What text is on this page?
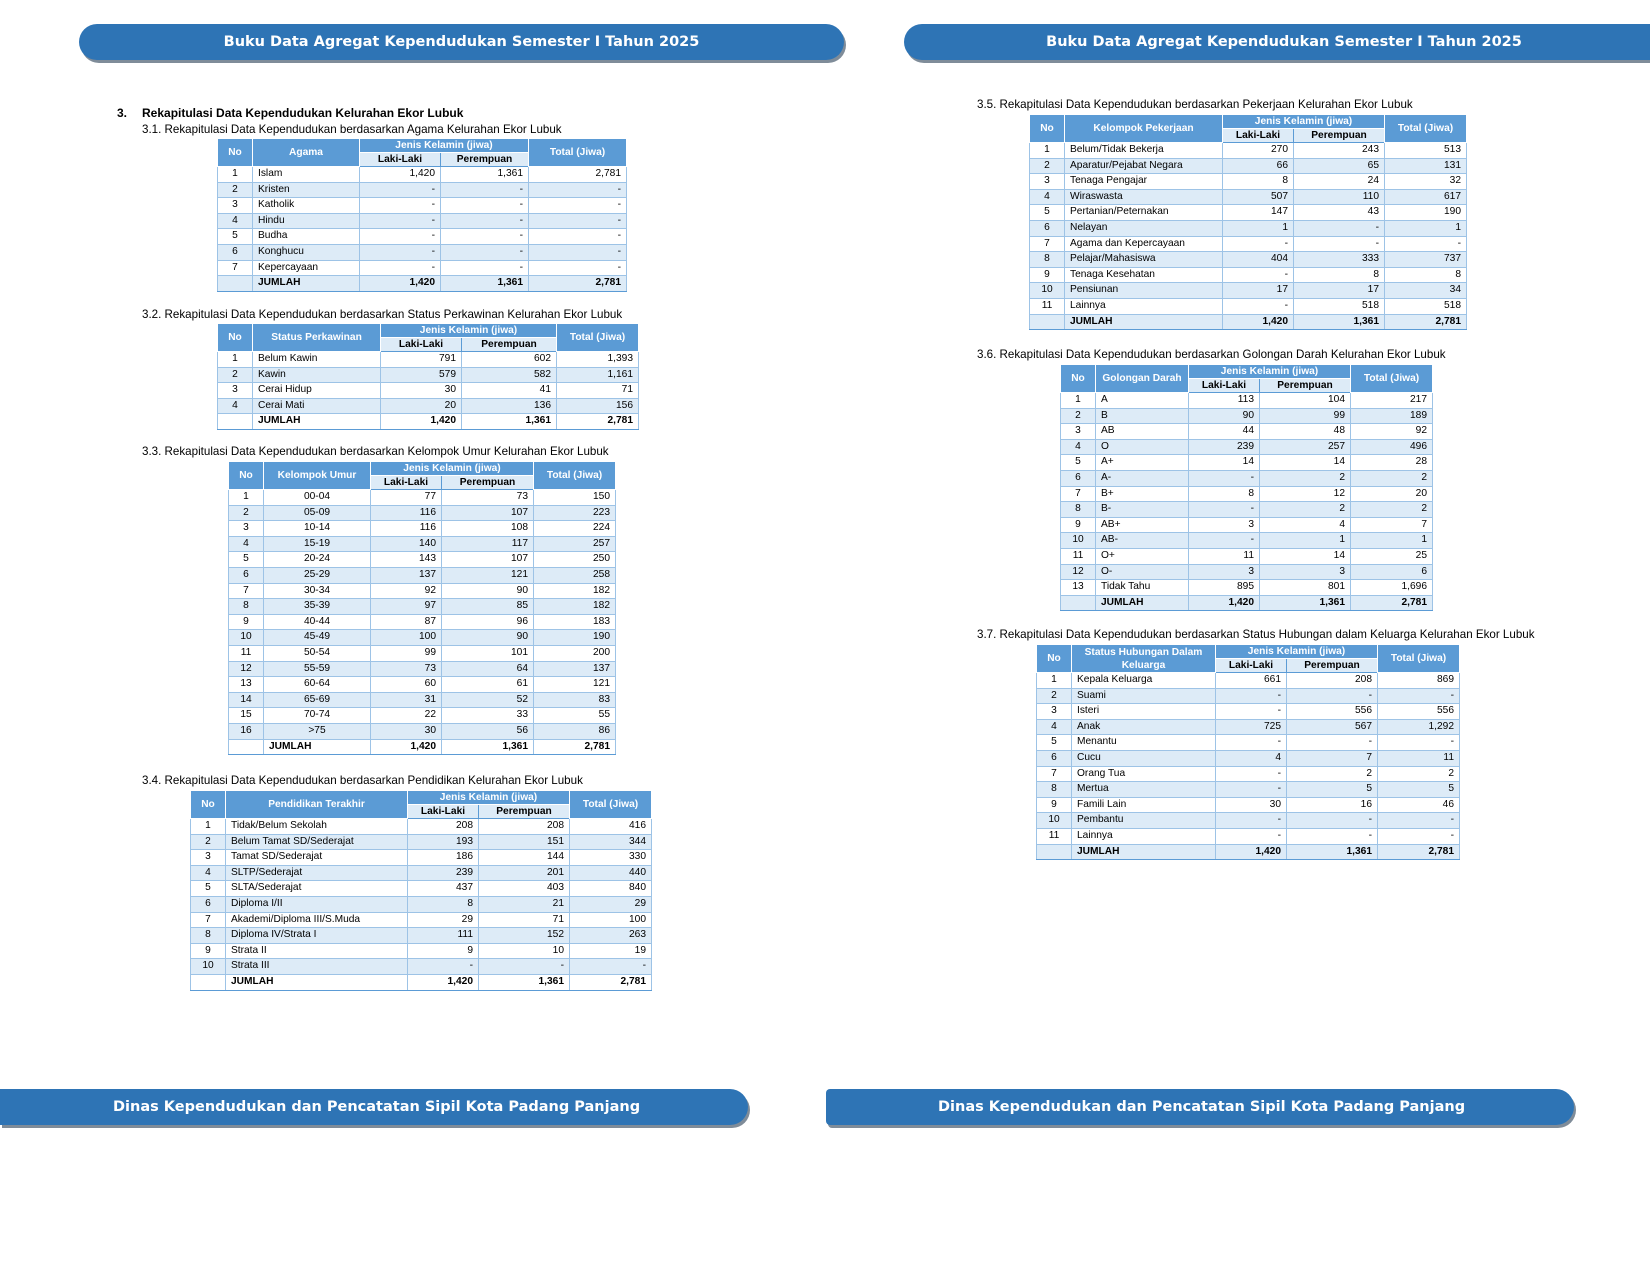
Buku Data Agregat Kependudukan Semester I Tahun 2025	Buku Data Agregat Kependudukan Semester I Tahun 2025
3. Rekapitulasi Data Kependudukan Kelurahan Ekor Lubuk
3.1. Rekapitulasi Data Kependudukan berdasarkan Agama Kelurahan Ekor Lubuk
No	Agama	Jenis Kelamin (jiwa)		Total (Jiwa)
		Laki-Laki	Perempuan	
1	Islam	1,420	1,361	2,781
2	Kristen	-	-	-
3	Katholik	-	-	-
4	Hindu	-	-	-
5	Budha	-	-	-
6	Konghucu	-	-	-
7	Kepercayaan	-	-	-
	JUMLAH	1,420	1,361	2,781
3.2. Rekapitulasi Data Kependudukan berdasarkan Status Perkawinan Kelurahan Ekor Lubuk
No	Status Perkawinan	Jenis Kelamin (jiwa)		Total (Jiwa)
		Laki-Laki	Perempuan	
1	Belum Kawin	791	602	1,393
2	Kawin	579	582	1,161
3	Cerai Hidup	30	41	71
4	Cerai Mati	20	136	156
	JUMLAH	1,420	1,361	2,781
3.3. Rekapitulasi Data Kependudukan berdasarkan Kelompok Umur Kelurahan Ekor Lubuk
No	Kelompok Umur	Jenis Kelamin (jiwa)		Total (Jiwa)
		Laki-Laki	Perempuan	
1	00-04	77	73	150
2	05-09	116	107	223
3	10-14	116	108	224
4	15-19	140	117	257
5	20-24	143	107	250
6	25-29	137	121	258
7	30-34	92	90	182
8	35-39	97	85	182
9	40-44	87	96	183
10	45-49	100	90	190
11	50-54	99	101	200
12	55-59	73	64	137
13	60-64	60	61	121
14	65-69	31	52	83
15	70-74	22	33	55
16	>75	30	56	86
	JUMLAH	1,420	1,361	2,781
3.4. Rekapitulasi Data Kependudukan berdasarkan Pendidikan Kelurahan Ekor Lubuk
No	Pendidikan Terakhir	Jenis Kelamin (jiwa)		Total (Jiwa)
		Laki-Laki	Perempuan	
1	Tidak/Belum Sekolah	208	208	416
2	Belum Tamat SD/Sederajat	193	151	344
3	Tamat SD/Sederajat	186	144	330
4	SLTP/Sederajat	239	201	440
5	SLTA/Sederajat	437	403	840
6	Diploma I/II	8	21	29
7	Akademi/Diploma III/S.Muda	29	71	100
8	Diploma IV/Strata I	111	152	263
9	Strata II	9	10	19
10	Strata III	-	-	-
	JUMLAH	1,420	1,361	2,781
3.5. Rekapitulasi Data Kependudukan berdasarkan Pekerjaan Kelurahan Ekor Lubuk
No	Kelompok Pekerjaan	Jenis Kelamin (jiwa)		Total (Jiwa)
		Laki-Laki	Perempuan	
1	Belum/Tidak Bekerja	270	243	513
2	Aparatur/Pejabat Negara	66	65	131
3	Tenaga Pengajar	8	24	32
4	Wiraswasta	507	110	617
5	Pertanian/Peternakan	147	43	190
6	Nelayan	1	-	1
7	Agama dan Kepercayaan	-	-	-
8	Pelajar/Mahasiswa	404	333	737
9	Tenaga Kesehatan	-	8	8
10	Pensiunan	17	17	34
11	Lainnya	-	518	518
	JUMLAH	1,420	1,361	2,781
3.6. Rekapitulasi Data Kependudukan berdasarkan Golongan Darah Kelurahan Ekor Lubuk
No	Golongan Darah	Jenis Kelamin (jiwa)		Total (Jiwa)
		Laki-Laki	Perempuan	
1	A	113	104	217
2	B	90	99	189
3	AB	44	48	92
4	O	239	257	496
5	A+	14	14	28
6	A-	-	2	2
7	B+	8	12	20
8	B-	-	2	2
9	AB+	3	4	7
10	AB-	-	1	1
11	O+	11	14	25
12	O-	3	3	6
13	Tidak Tahu	895	801	1,696
	JUMLAH	1,420	1,361	2,781
3.7. Rekapitulasi Data Kependudukan berdasarkan Status Hubungan dalam Keluarga Kelurahan Ekor Lubuk
No	Status Hubungan Dalam Keluarga	Jenis Kelamin (jiwa)		Total (Jiwa)
		Laki-Laki	Perempuan	
1	Kepala Keluarga	661	208	869
2	Suami	-	-	-
3	Isteri	-	556	556
4	Anak	725	567	1,292
5	Menantu	-	-	-
6	Cucu	4	7	11
7	Orang Tua	-	2	2
8	Mertua	-	5	5
9	Famili Lain	30	16	46
10	Pembantu	-	-	-
11	Lainnya	-	-	-
	JUMLAH	1,420	1,361	2,781
Dinas Kependudukan dan Pencatatan Sipil Kota Padang Panjang	Dinas Kependudukan dan Pencatatan Sipil Kota Padang Panjang
